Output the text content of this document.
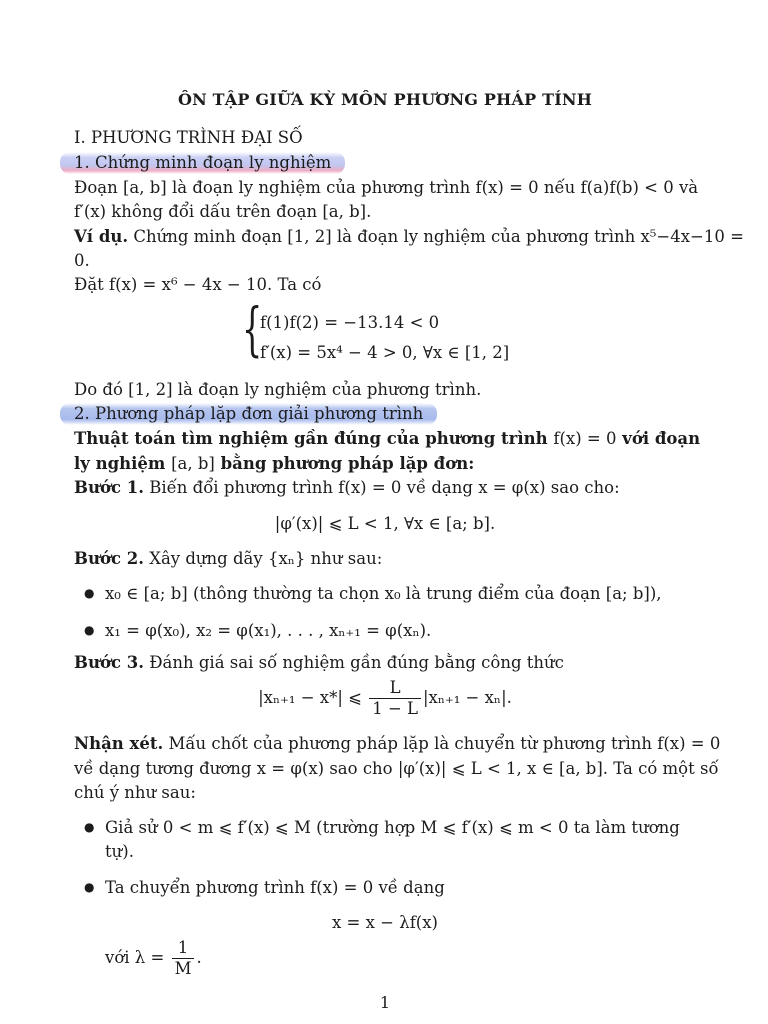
ÔN TẬP GIỮA KỲ MÔN PHƯƠNG PHÁP TÍNH
I. PHƯƠNG TRÌNH ĐẠI SỐ
1. Chứng minh đoạn ly nghiệm
Đoạn [a, b] là đoạn ly nghiệm của phương trình f(x) = 0 nếu f(a)f(b) < 0 và
f′(x) không đổi dấu trên đoạn [a, b].
Ví dụ. Chứng minh đoạn [1, 2] là đoạn ly nghiệm của phương trình x⁵−4x−10 =
0.
Đặt f(x) = x⁶ − 4x − 10. Ta có
{
f(1)f(2) = −13.14 < 0
f′(x) = 5x⁴ − 4 > 0, ∀x ∈ [1, 2]
Do đó [1, 2] là đoạn ly nghiệm của phương trình.
2. Phương pháp lặp đơn giải phương trình
Thuật toán tìm nghiệm gần đúng của phương trình f(x) = 0 với đoạn
ly nghiệm [a, b] bằng phương pháp lặp đơn:
Bước 1. Biến đổi phương trình f(x) = 0 về dạng x = φ(x) sao cho:
|φ′(x)| ⩽ L < 1, ∀x ∈ [a; b].
Bước 2. Xây dựng dãy {xₙ} như sau:
● x₀ ∈ [a; b] (thông thường ta chọn x₀ là trung điểm của đoạn [a; b]),
● x₁ = φ(x₀), x₂ = φ(x₁), . . . , xₙ₊₁ = φ(xₙ).
Bước 3. Đánh giá sai số nghiệm gần đúng bằng công thức
|xₙ₊₁ − x*| ⩽ $\frac{L}{1 - L} |x_{n+1} - x_n|$.
Nhận xét. Mấu chốt của phương pháp lặp là chuyển từ phương trình f(x) = 0
về dạng tương đương x = φ(x) sao cho |φ′(x)| ⩽ L < 1, x ∈ [a, b]. Ta có một số
chú ý như sau:
● Giả sử 0 < m ⩽ f′(x) ⩽ M (trường hợp M ⩽ f′(x) ⩽ m < 0 ta làm tương
tự).
● Ta chuyển phương trình f(x) = 0 về dạng
x = x − λf(x)
với $\lambda = \frac{1}{M}$ .
1
